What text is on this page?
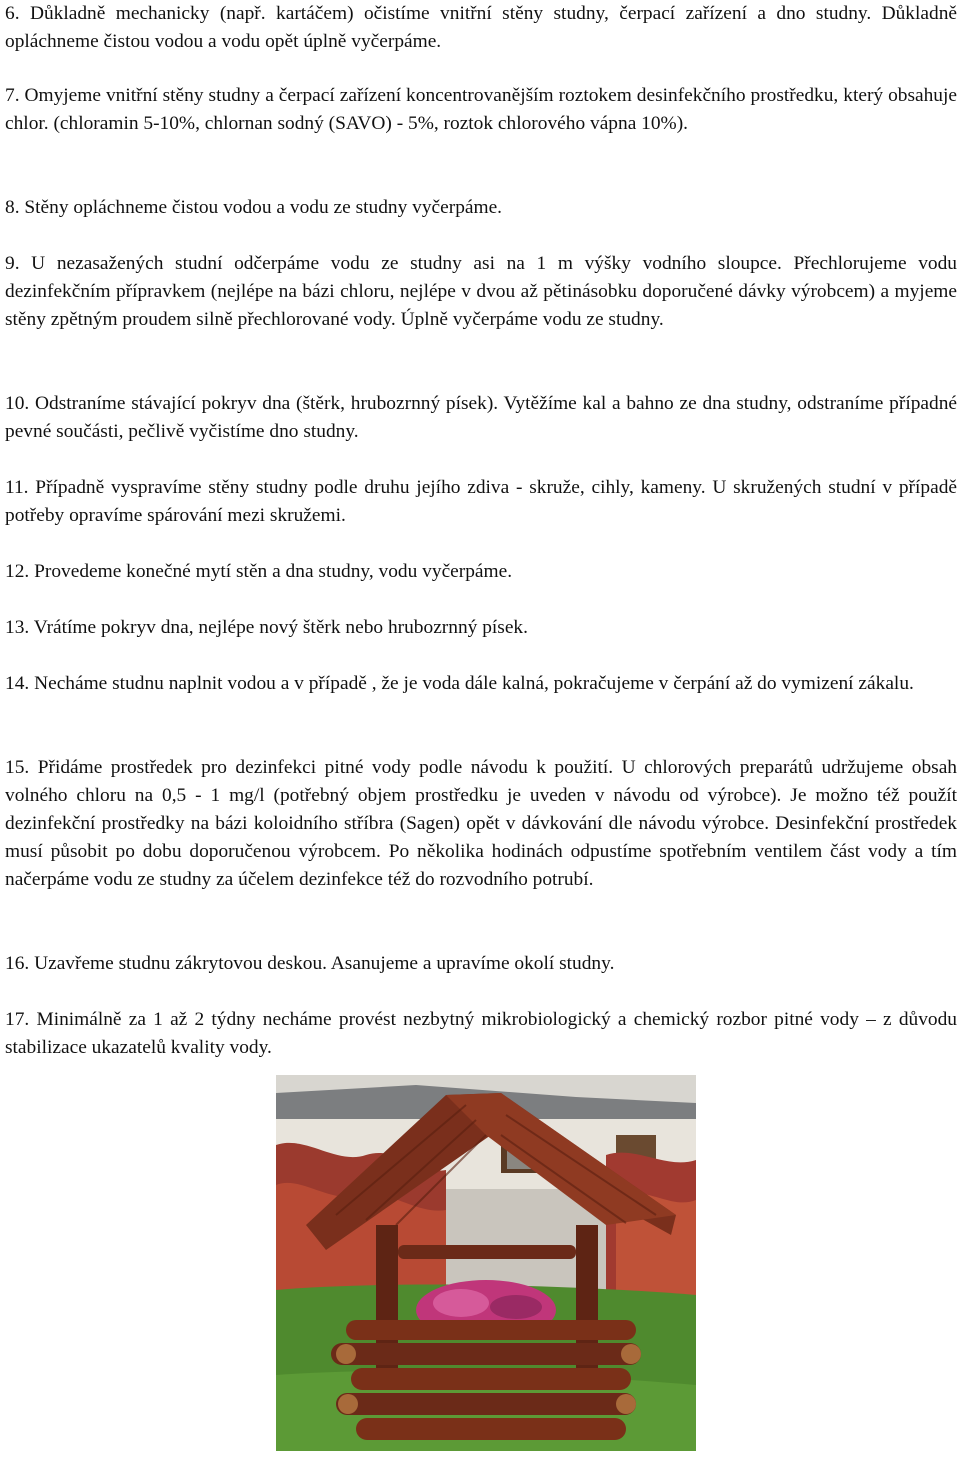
6. Důkladně mechanicky (např. kartáčem) očistíme vnitřní stěny studny, čerpací zařízení a dno studny. Důkladně opláchneme čistou vodou a vodu opět úplně vyčerpáme.

7. Omyjeme vnitřní stěny studny a čerpací zařízení koncentrovanějším roztokem desinfekčního prostředku, který obsahuje chlor. (chloramin 5-10%, chlornan sodný (SAVO) - 5%, roztok chlorového vápna 10%).

8. Stěny opláchneme čistou vodou a vodu ze studny vyčerpáme.

9. U nezasažených studní odčerpáme vodu ze studny asi na 1 m výšky vodního sloupce. Přechlorujeme vodu dezinfekčním přípravkem (nejlépe na bázi chloru, nejlépe v dvou až pětinásobku doporučené dávky výrobcem) a myjeme stěny zpětným proudem silně přechlorované vody. Úplně vyčerpáme vodu ze studny.

10. Odstraníme stávající pokryv dna (štěrk, hrubozrnný písek). Vytěžíme kal a bahno ze dna studny, odstraníme případné pevné součásti, pečlivě vyčistíme dno studny.

11. Případně vyspravíme stěny studny podle druhu jejího zdiva - skruže, cihly, kameny. U skružených studní v případě potřeby opravíme spárování mezi skružemi.

12. Provedeme konečné mytí stěn a dna studny, vodu vyčerpáme.

13. Vrátíme pokryv dna, nejlépe nový štěrk nebo hrubozrnný písek.

14. Necháme studnu naplnit vodou a v případě , že je voda dále kalná, pokračujeme v čerpání až do vymizení zákalu.

15. Přidáme prostředek pro dezinfekci pitné vody podle návodu k použití. U chlorových preparátů udržujeme obsah volného chloru na 0,5 - 1 mg/l (potřebný objem prostředku je uveden v návodu od výrobce). Je možno též použít dezinfekční prostředky na bázi koloidního stříbra (Sagen) opět v dávkování dle návodu výrobce. Desinfekční prostředek musí působit po dobu doporučenou výrobcem. Po několika hodinách odpustíme spotřebním ventilem část vody a tím načerpáme vodu ze studny za účelem dezinfekce též do rozvodního potrubí.

16. Uzavřeme studnu zákrytovou deskou. Asanujeme a upravíme okolí studny.

17. Minimálně za 1 až 2 týdny necháme provést nezbytný mikrobiologický a chemický rozbor pitné vody – z důvodu stabilizace ukazatelů kvality vody.
